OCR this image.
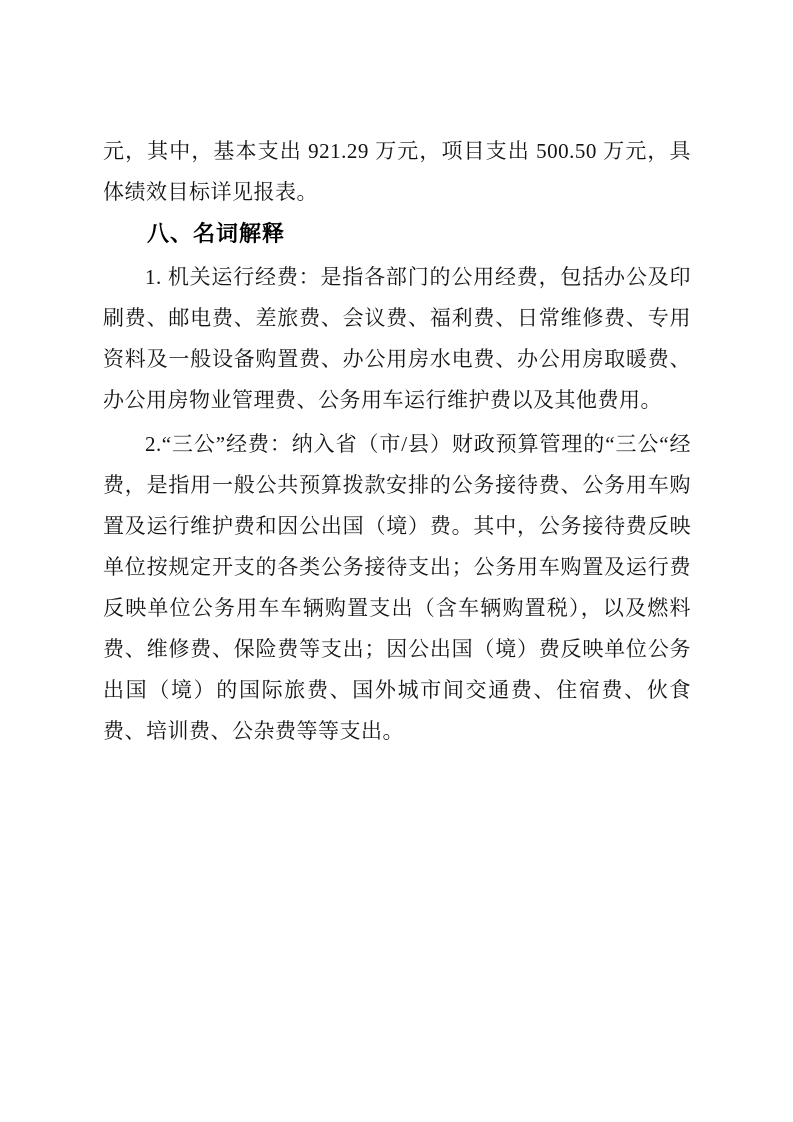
元，其中，基本支出 921.29 万元，项目支出 500.50 万元，具体绩效目标详见报表。

八、名词解释

1. 机关运行经费：是指各部门的公用经费，包括办公及印刷费、邮电费、差旅费、会议费、福利费、日常维修费、专用资料及一般设备购置费、办公用房水电费、办公用房取暖费、办公用房物业管理费、公务用车运行维护费以及其他费用。

2.“三公”经费：纳入省（市/县）财政预算管理的“三公“经费，是指用一般公共预算拨款安排的公务接待费、公务用车购置及运行维护费和因公出国（境）费。其中，公务接待费反映单位按规定开支的各类公务接待支出；公务用车购置及运行费反映单位公务用车车辆购置支出（含车辆购置税），以及燃料费、维修费、保险费等支出；因公出国（境）费反映单位公务出国（境）的国际旅费、国外城市间交通费、住宿费、伙食费、培训费、公杂费等等支出。
